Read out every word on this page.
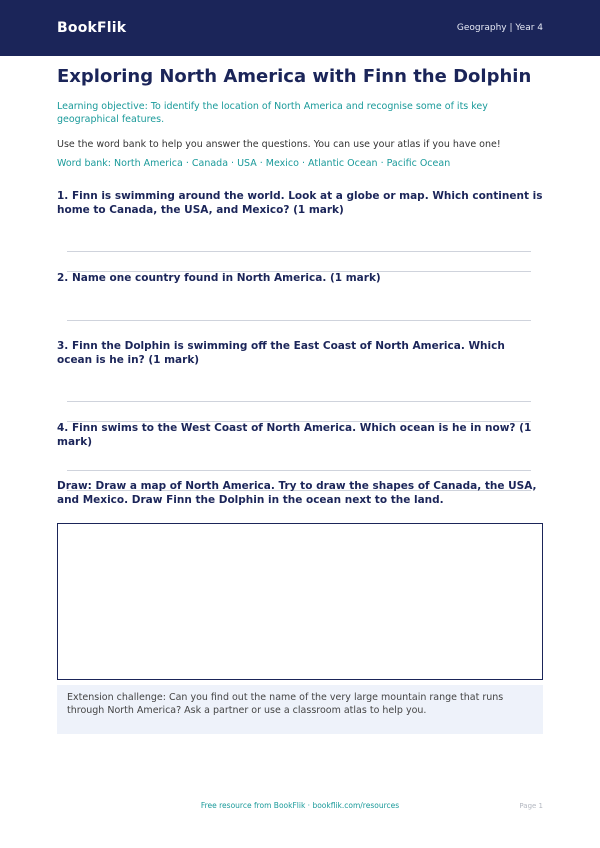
BookFlik	Geography | Year 4
Exploring North America with Finn the Dolphin
Learning objective: To identify the location of North America and recognise some of its key geographical features.
Use the word bank to help you answer the questions. You can use your atlas if you have one!
Word bank: North America · Canada · USA · Mexico · Atlantic Ocean · Pacific Ocean
1. Finn is swimming around the world. Look at a globe or map. Which continent is home to Canada, the USA, and Mexico? (1 mark)
2. Name one country found in North America. (1 mark)
3. Finn the Dolphin is swimming off the East Coast of North America. Which ocean is he in? (1 mark)
4. Finn swims to the West Coast of North America. Which ocean is he in now? (1 mark)
Draw: Draw a map of North America. Try to draw the shapes of Canada, the USA, and Mexico. Draw Finn the Dolphin in the ocean next to the land.
Extension challenge: Can you find out the name of the very large mountain range that runs through North America? Ask a partner or use a classroom atlas to help you.
Free resource from BookFlik · bookflik.com/resources	Page 1
